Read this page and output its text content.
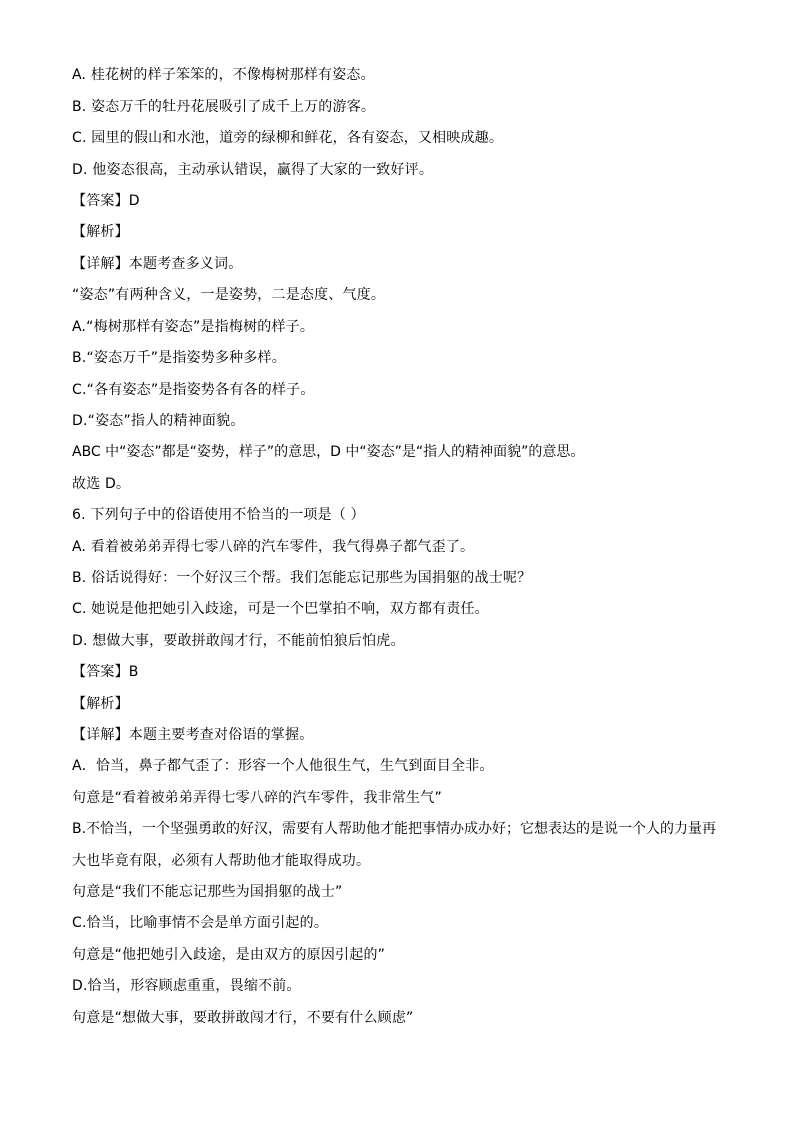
A. 桂花树的样子笨笨的，不像梅树那样有姿态。
B. 姿态万千的牡丹花展吸引了成千上万的游客。
C. 园里的假山和水池，道旁的绿柳和鲜花，各有姿态，又相映成趣。
D. 他姿态很高，主动承认错误，赢得了大家的一致好评。
【答案】D
【解析】
【详解】本题考查多义词。
“姿态”有两种含义，一是姿势，二是态度、气度。
A.“梅树那样有姿态”是指梅树的样子。
B.“姿态万千”是指姿势多种多样。
C.“各有姿态”是指姿势各有各的样子。
D.“姿态”指人的精神面貌。
ABC 中“姿态”都是“姿势，样子”的意思，D 中“姿态”是“指人的精神面貌”的意思。
故选 D。
6. 下列句子中的俗语使用不恰当的一项是（ ）
A. 看着被弟弟弄得七零八碎的汽车零件，我气得鼻子都气歪了。
B. 俗话说得好：一个好汉三个帮。我们怎能忘记那些为国捐躯的战士呢？
C. 她说是他把她引入歧途，可是一个巴掌拍不响，双方都有责任。
D. 想做大事，要敢拼敢闯才行，不能前怕狼后怕虎。
【答案】B
【解析】
【详解】本题主要考查对俗语的掌握。
A．恰当，鼻子都气歪了：形容一个人他很生气，生气到面目全非。
句意是“看着被弟弟弄得七零八碎的汽车零件，我非常生气”
B.不恰当，一个坚强勇敢的好汉，需要有人帮助他才能把事情办成办好；它想表达的是说一个人的力量再
大也毕竟有限，必须有人帮助他才能取得成功。
句意是“我们不能忘记那些为国捐躯的战士”
C.恰当，比喻事情不会是单方面引起的。
句意是“他把她引入歧途，是由双方的原因引起的”
D.恰当，形容顾虑重重，畏缩不前。
句意是“想做大事，要敢拼敢闯才行，不要有什么顾虑”
